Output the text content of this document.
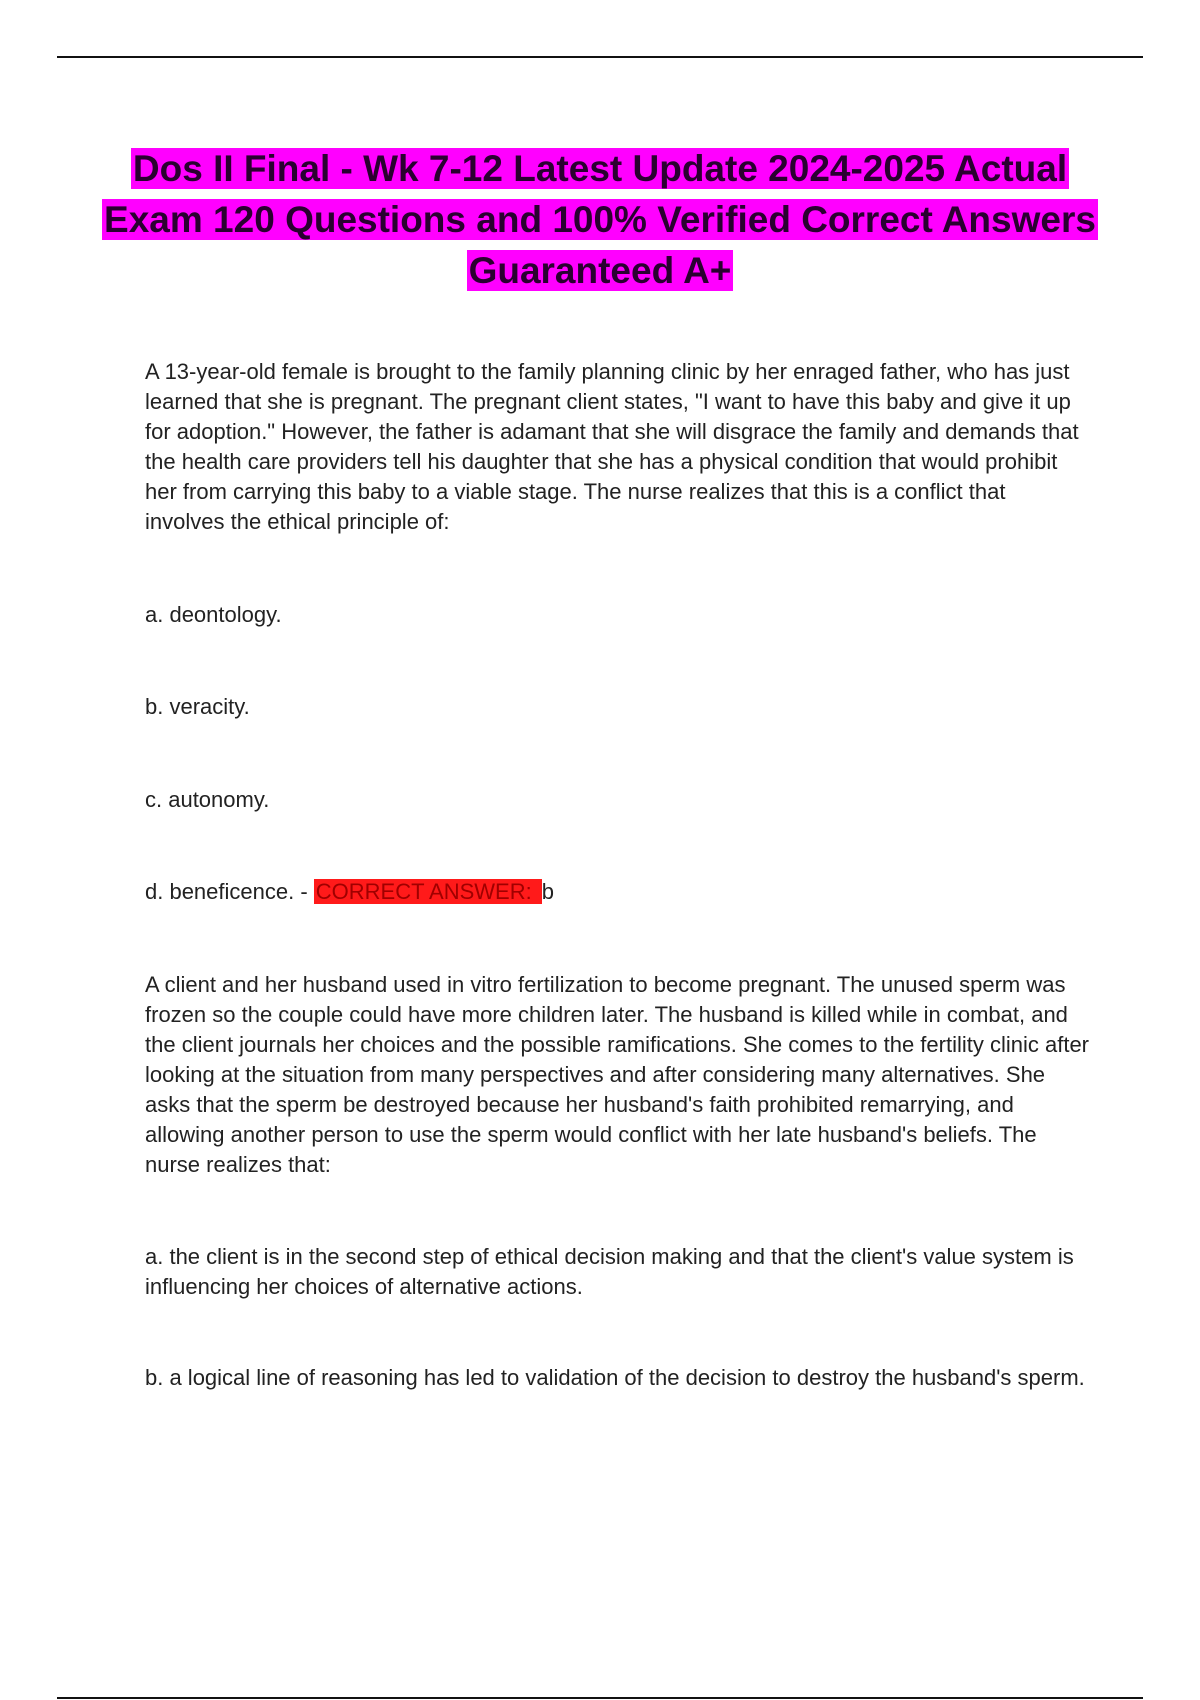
Dos II Final - Wk 7-12 Latest Update 2024-2025 Actual Exam 120 Questions and 100% Verified Correct Answers Guaranteed A+
A 13-year-old female is brought to the family planning clinic by her enraged father, who has just learned that she is pregnant. The pregnant client states, "I want to have this baby and give it up for adoption." However, the father is adamant that she will disgrace the family and demands that the health care providers tell his daughter that she has a physical condition that would prohibit her from carrying this baby to a viable stage. The nurse realizes that this is a conflict that involves the ethical principle of:
a. deontology.
b. veracity.
c. autonomy.
d. beneficence. - CORRECT ANSWER: b
A client and her husband used in vitro fertilization to become pregnant. The unused sperm was frozen so the couple could have more children later. The husband is killed while in combat, and the client journals her choices and the possible ramifications. She comes to the fertility clinic after looking at the situation from many perspectives and after considering many alternatives. She asks that the sperm be destroyed because her husband's faith prohibited remarrying, and allowing another person to use the sperm would conflict with her late husband's beliefs. The nurse realizes that:
a. the client is in the second step of ethical decision making and that the client's value system is influencing her choices of alternative actions.
b. a logical line of reasoning has led to validation of the decision to destroy the husband's sperm.
